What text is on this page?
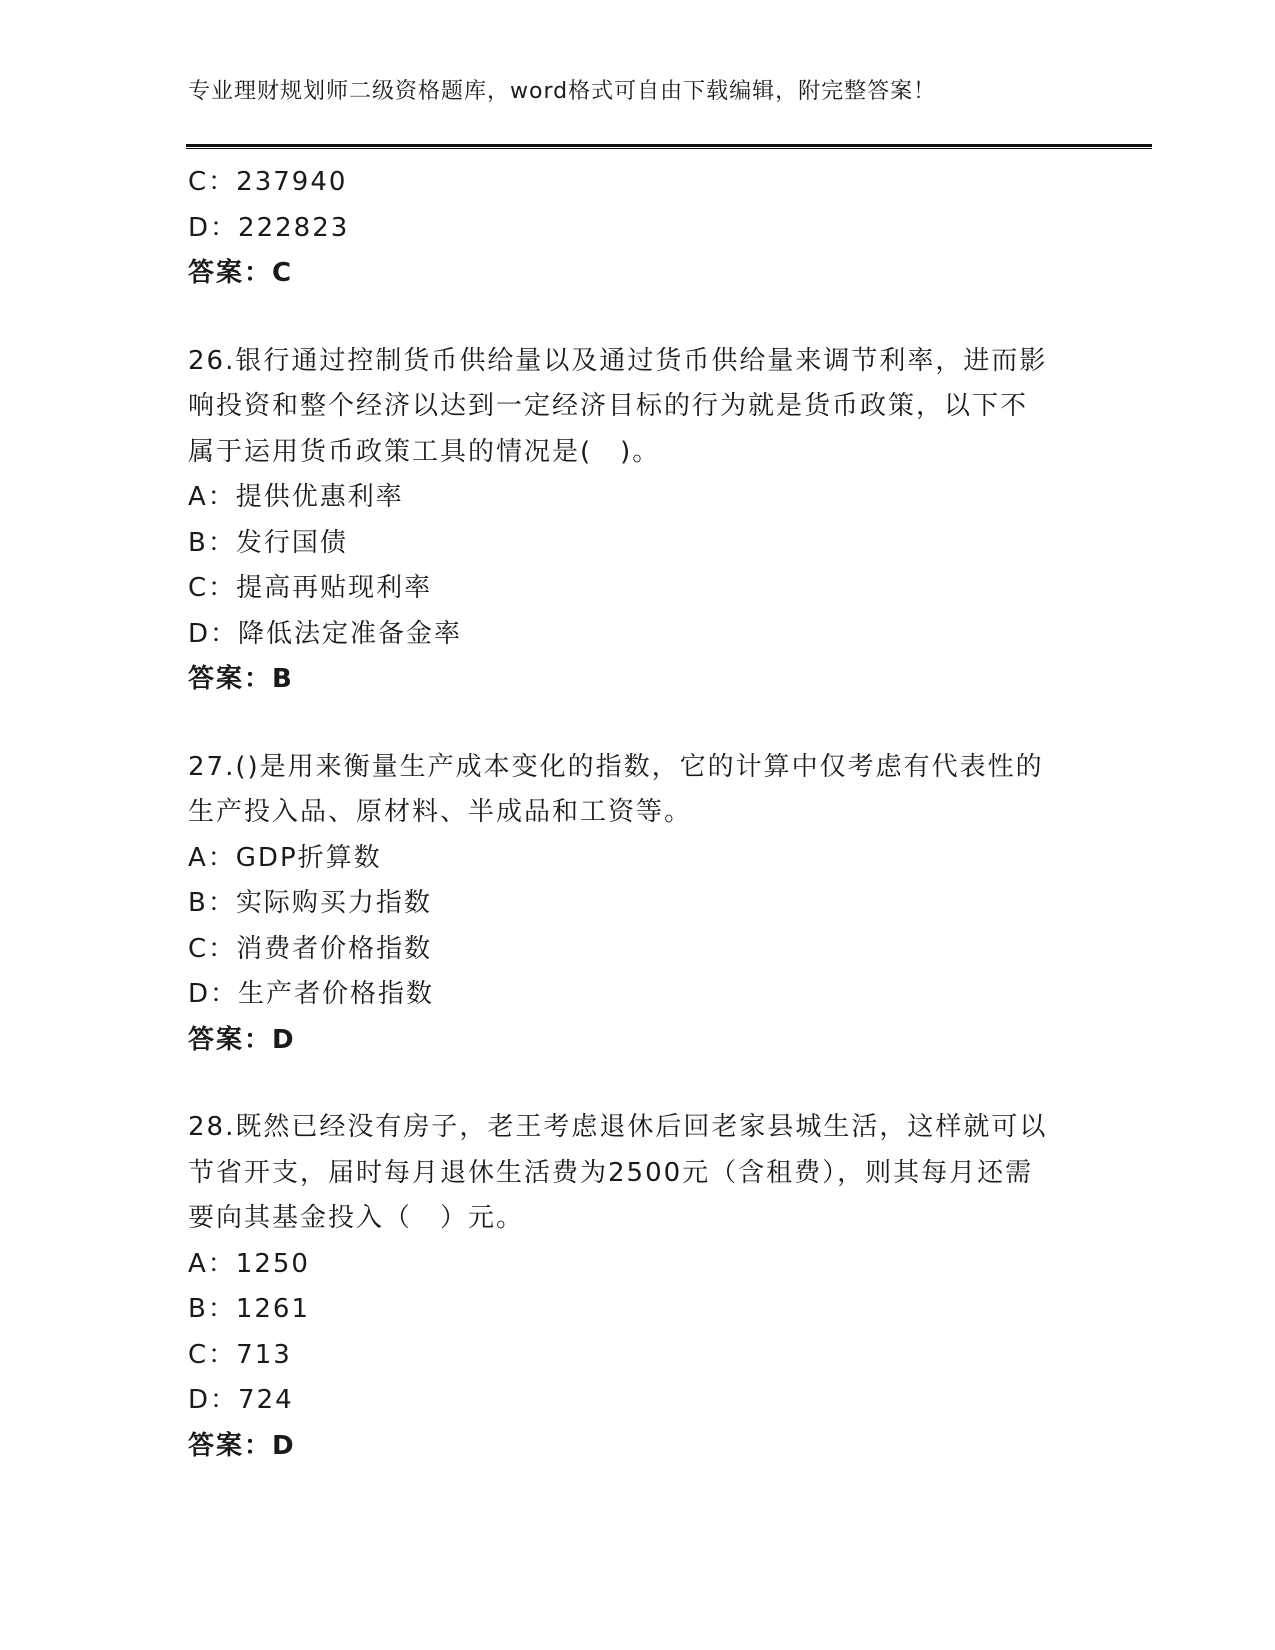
专业理财规划师二级资格题库，word格式可自由下载编辑，附完整答案！
C：237940
D：222823
答案：C
26.银行通过控制货币供给量以及通过货币供给量来调节利率，进而影
响投资和整个经济以达到一定经济目标的行为就是货币政策，以下不
属于运用货币政策工具的情况是(　)。
A：提供优惠利率
B：发行国债
C：提高再贴现利率
D：降低法定准备金率
答案：B
27.()是用来衡量生产成本变化的指数，它的计算中仅考虑有代表性的
生产投入品、原材料、半成品和工资等。
A：GDP折算数
B：实际购买力指数
C：消费者价格指数
D：生产者价格指数
答案：D
28.既然已经没有房子，老王考虑退休后回老家县城生活，这样就可以
节省开支，届时每月退休生活费为2500元（含租费），则其每月还需
要向其基金投入（　）元。
A：1250
B：1261
C：713
D：724
答案：D
